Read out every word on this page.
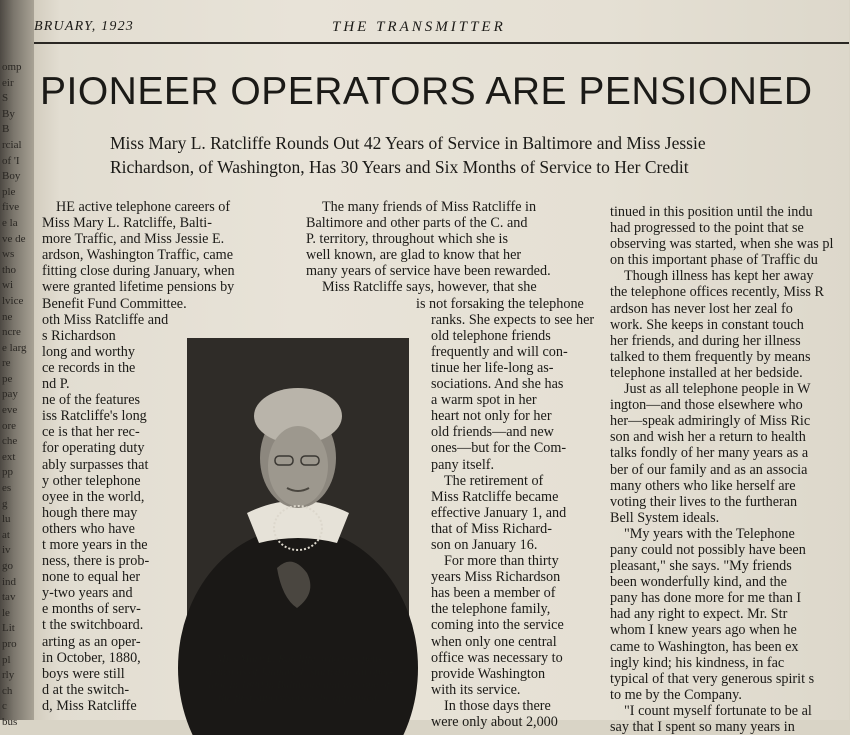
omp
eir
S
By
B
rcial
of 'I
Boy
ple
five
e la
ve de
ws
tho
wi
lvice
ne
ncre
e larg
re
pe
pay
eve
ore
che
ext
pp
es
g
lu
at
iv
go
ind
tav
le
Lit
pro
pl
rly
ch
c
bus
BRUARY, 1923	THE TRANSMITTER
PIONEER OPERATORS ARE PENSIONED
Miss Mary L. Ratcliffe Rounds Out 42 Years of Service in Baltimore and Miss Jessie
Richardson, of Washington, Has 30 Years and Six Months of Service to Her Credit
HE active telephone careers of
Miss Mary L. Ratcliffe, Balti-
more Traffic, and Miss Jessie E.
ardson, Washington Traffic, came
fitting close during January, when
were granted lifetime pensions by
Benefit Fund Committee.
oth Miss Ratcliffe and
s Richardson
long and worthy
ce records in the
nd P.
ne of the features
iss Ratcliffe's long
ce is that her rec-
for operating duty
ably surpasses that
y other telephone
oyee in the world,
hough there may
others who have
t more years in the
ness, there is prob-
none to equal her
y-two years and
e months of serv-
t the switchboard.
arting as an oper-
in October, 1880,
boys were still
d at the switch-
d, Miss Ratcliffe
The many friends of Miss Ratcliffe in
Baltimore and other parts of the C. and
P. territory, throughout which she is
well known, are glad to know that her
many years of service have been rewarded.
Miss Ratcliffe says, however, that she
is not forsaking the telephone
ranks. She expects to see her
old telephone friends
frequently and will con-
tinue her life-long as-
sociations. And she has
a warm spot in her
heart not only for her
old friends—and new
ones—but for the Com-
pany itself.
The retirement of
Miss Ratcliffe became
effective January 1, and
that of Miss Richard-
son on January 16.
For more than thirty
years Miss Richardson
has been a member of
the telephone family,
coming into the service
when only one central
office was necessary to
provide Washington
with its service.
In those days there
were only about 2,000
tinued in this position until the indu
had progressed to the point that se
observing was started, when she was pl
on this important phase of Traffic du
Though illness has kept her away
the telephone offices recently, Miss R
ardson has never lost her zeal fo
work. She keeps in constant touch
her friends, and during her illness
talked to them frequently by means
telephone installed at her bedside.
Just as all telephone people in W
ington—and those elsewhere who
her—speak admiringly of Miss Ric
son and wish her a return to health
talks fondly of her many years as a
ber of our family and as an associa
many others who like herself are
voting their lives to the furtheran
Bell System ideals.
"My years with the Telephone
pany could not possibly have been
pleasant," she says. "My friends
been wonderfully kind, and the
pany has done more for me than I
had any right to expect. Mr. Str
whom I knew years ago when he
came to Washington, has been ex
ingly kind; his kindness, in fac
typical of that very generous spirit s
to me by the Company.
"I count myself fortunate to be al
say that I spent so many years in
Miss Mary L. Ratcliffe, who was pen-
sioned as of January 1, started as an oper-
ator in 1880 in Baltimore and was one of
the first supervisors to be appointed.
